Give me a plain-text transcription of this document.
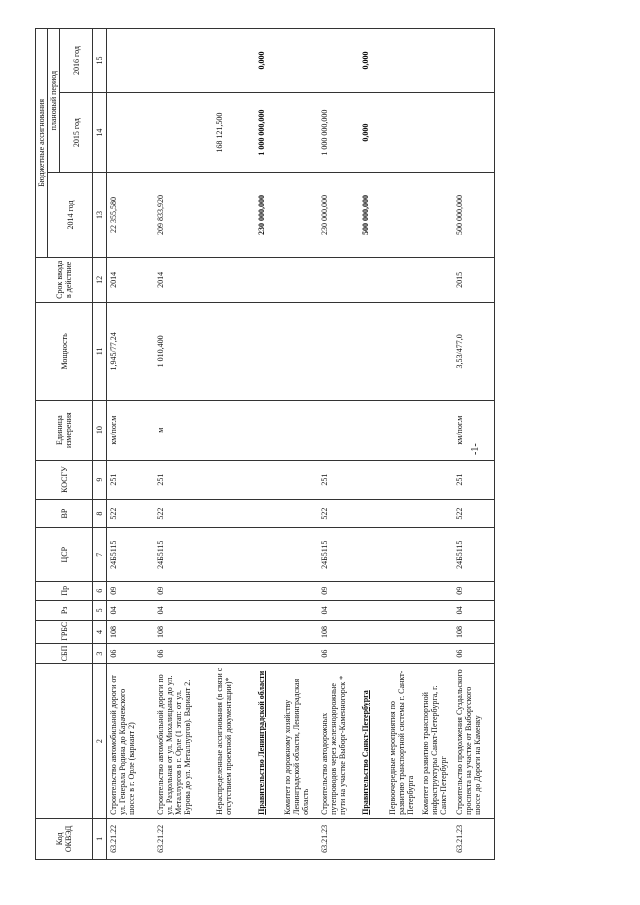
Код ОКВЭД		СБП	ГРБС	Рз	Пр	ЦСР	ВР	КОСГУ	Единица измерения	Мощность	Срок ввода в действие	Бюджетные ассигнования		
												2014 год	плановый период	
													2015 год	2016 год

1	2	3	4	5	6	7	8	9	10	11	12	13	14	15
63.21.22	Строительство автомобильной дороги от ул. Генерала Родина до Карачевского шоссе в г. Орле (вариант 2)	06	108	04	09	24Б5115	522	251	км/пог.м	1,945/77,24	2014	22 355,580		
63.21.22	Строительство автомобильной дороги по ул. Раздольная от ул. Михалицына до ул. Металлургов в г. Орле (1 этап: от ул. Бурова до ул. Металлургов). Вариант 2.	06	108	04	09	24Б5115	522	251	м	1 010,400	2014	209 833,920		
	Нераспределенные ассигнования (в связи с отсутствием проектной документации)*												168 121,500	
	Правительство Ленинградской области											230 000,000	1 000 000,000	0,000
	Комитет по дорожному хозяйству Ленинградской области, Ленинградская область													
63.21.23	Строительство автодорожных путепроводов через железнодорожные пути на участке Выборг-Каменногорск *	06	108	04	09	24Б5115	522	251				230 000,000	1 000 000,000	
	Правительство Санкт-Петербурга											500 000,000	0,000	0,000
	Первоочередные мероприятия по развитию транспортной системы г. Санкт-Петербурга													
	Комитет по развитию транспортной инфраструктуры Санкт-Петербурга, г. Санкт-Петербург													
63.21.23	Строительство продолжения Суздальского проспекта на участке от Выборгского шоссе до Дороги на Каменку	06	108	04	09	24Б5115	522	251	км/пог.м	3,53/477,0	2015	500 000,000		
-1-
